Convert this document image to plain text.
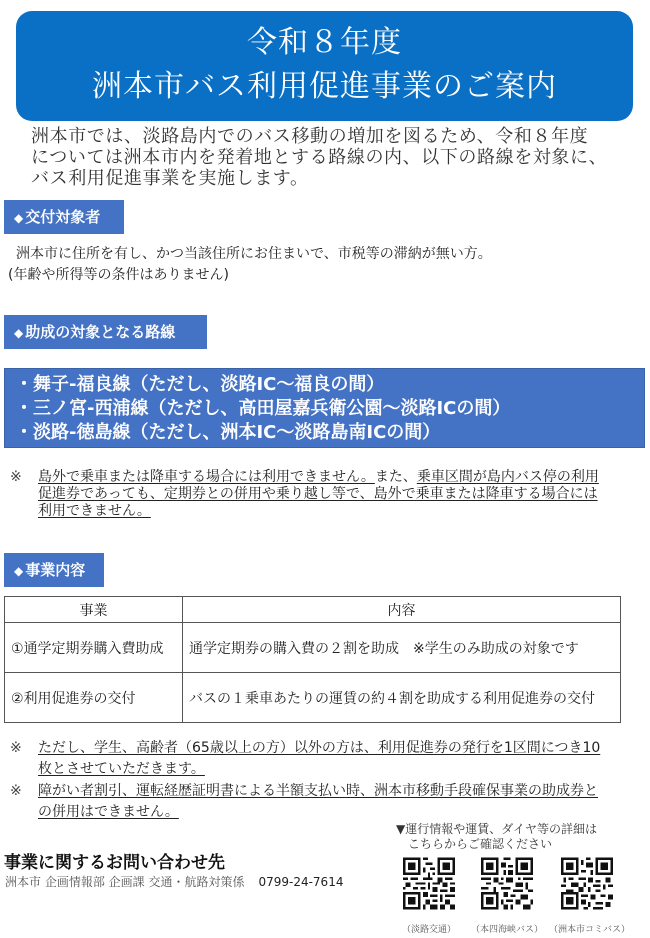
令和８年度
洲本市バス利用促進事業のご案内
洲本市では、淡路島内でのバス移動の増加を図るため、令和８年度
については洲本市内を発着地とする路線の内、以下の路線を対象に、
バス利用促進事業を実施します。
◆ 交付対象者
洲本市に住所を有し、かつ当該住所にお住まいで、市税等の滞納が無い方。
(年齢や所得等の条件はありません)
◆ 助成の対象となる路線
・舞子-福良線（ただし、淡路IC～福良の間）
・三ノ宮-西浦線（ただし、高田屋嘉兵衛公園～淡路ICの間）
・淡路-徳島線（ただし、洲本IC～淡路島南ICの間）
※ 島外で乗車または降車する場合には利用できません。また、乗車区間が島内バス停の利用
促進券であっても、定期券との併用や乗り越し等で、島外で乗車または降車する場合には
利用できません。
◆ 事業内容
事業	内容
①通学定期券購入費助成	通学定期券の購入費の２割を助成　※学生のみ助成の対象です
②利用促進券の交付	バスの１乗車あたりの運賃の約４割を助成する利用促進券の交付
※ ただし、学生、高齢者（65歳以上の方）以外の方は、利用促進券の発行を1区間につき10
枚とさせていただきます。
※ 障がい者割引、運転経歴証明書による半額支払い時、洲本市移動手段確保事業の助成券と
の併用はできません。
事業に関するお問い合わせ先
洲本市 企画情報部 企画課 交通・航路対策係 0799-24-7614
▼運行情報や運賃、ダイヤ等の詳細は
　こちらからご確認ください
（淡路交通）	（本四海峡バス） （洲本市コミバス）
